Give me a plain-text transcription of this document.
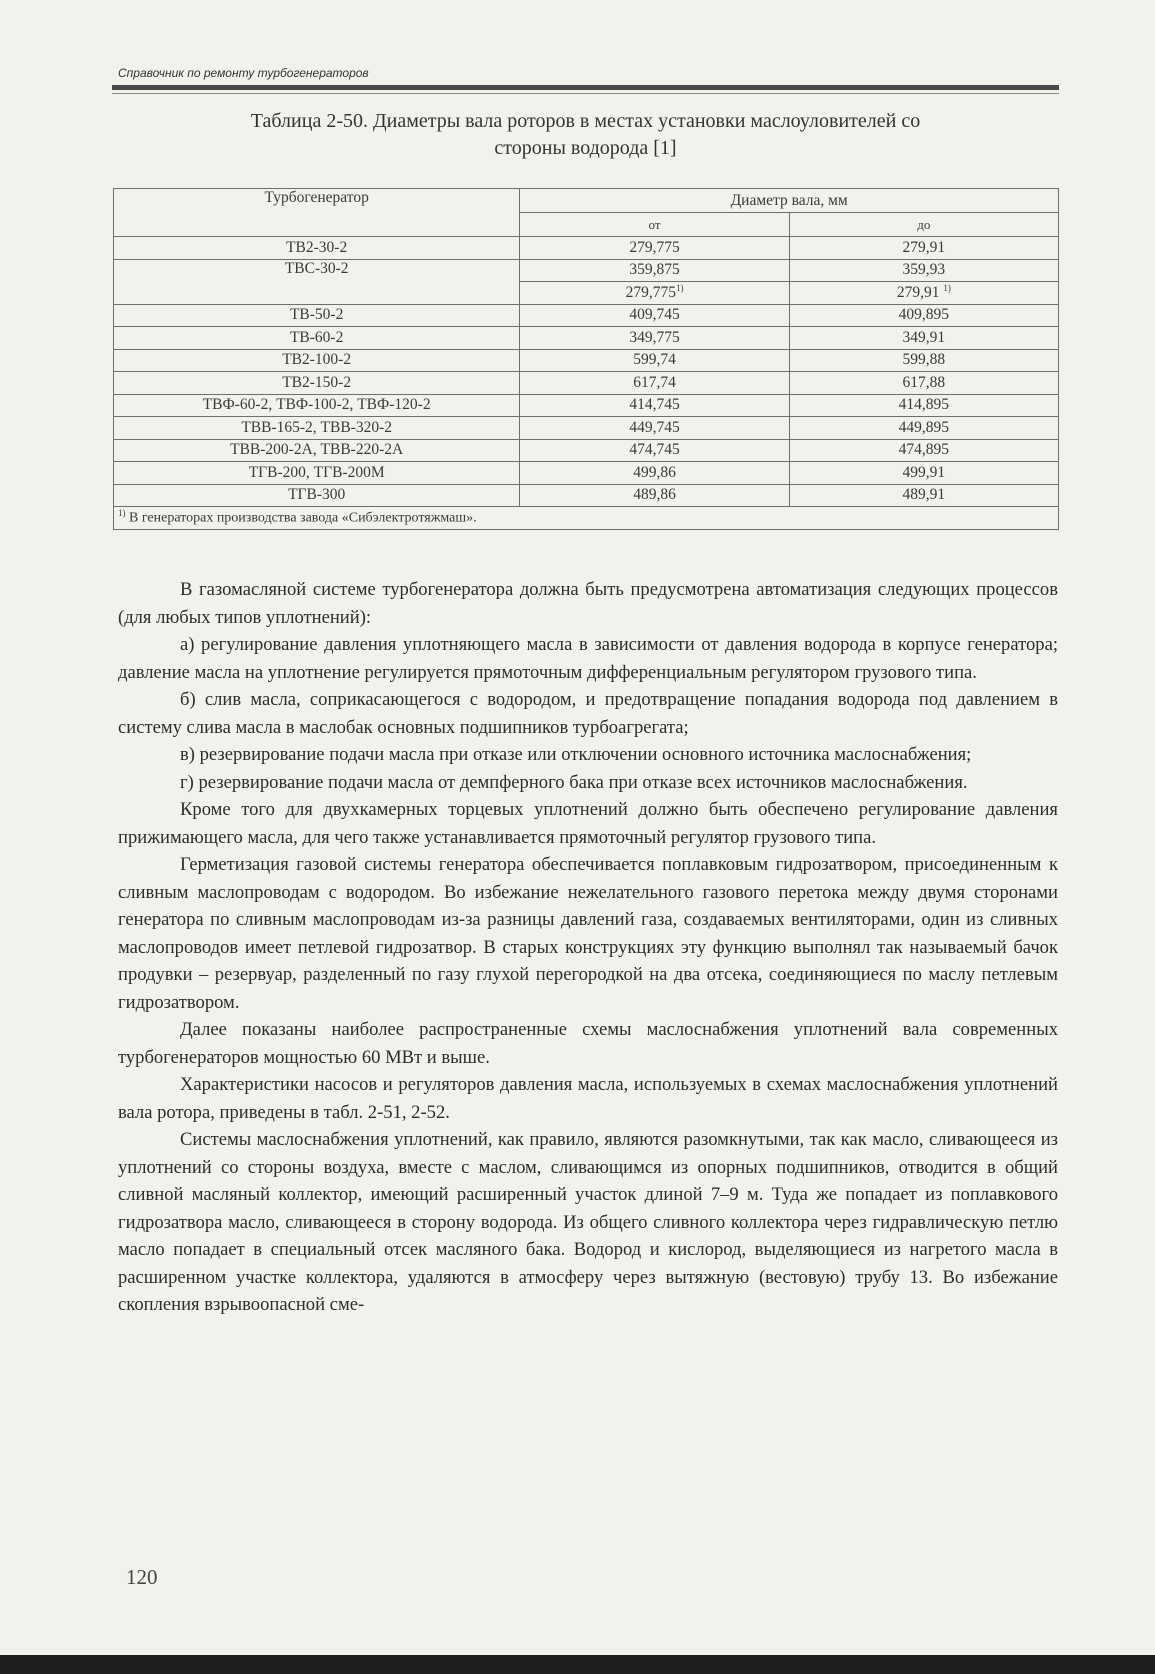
Справочник по ремонту турбогенераторов
Таблица 2-50. Диаметры вала роторов в местах установки маслоуловителей со
стороны водорода [1]
Турбогенератор	Диаметр вала, мм	
	от	до
ТВ2-30-2	279,775	279,91
ТВС-30-2	359,875	359,93
	279,775$^{1)}$	279,91 $^{1)}$
ТВ-50-2	409,745	409,895
ТВ-60-2	349,775	349,91
ТВ2-100-2	599,74	599,88
ТВ2-150-2	617,74	617,88
ТВФ-60-2, ТВФ-100-2, ТВФ-120-2	414,745	414,895
ТВВ-165-2, ТВВ-320-2	449,745	449,895
ТВВ-200-2А, ТВВ-220-2А	474,745	474,895
ТГВ-200, ТГВ-200М	499,86	499,91
ТГВ-300	489,86	489,91
$^{1)}$ В генераторах производства завода «Сибэлектротяжмаш».		

В газомасляной системе турбогенератора должна быть предусмотрена автоматизация следующих процессов (для любых типов уплотнений):

а) регулирование давления уплотняющего масла в зависимости от давления водорода в корпусе генератора; давление масла на уплотнение регулируется прямоточным дифференциальным регулятором грузового типа.

б) слив масла, соприкасающегося с водородом, и предотвращение попадания водорода под давлением в систему слива масла в маслобак основных подшипников турбоагрегата;

в) резервирование подачи масла при отказе или отключении основного источника маслоснабжения;

г) резервирование подачи масла от демпферного бака при отказе всех источников маслоснабжения.

Кроме того для двухкамерных торцевых уплотнений должно быть обеспечено регулирование давления прижимающего масла, для чего также устанавливается прямоточный регулятор грузового типа.

Герметизация газовой системы генератора обеспечивается поплавковым гидрозатвором, присоединенным к сливным маслопроводам с водородом. Во избежание нежелательного газового перетока между двумя сторонами генератора по сливным маслопроводам из-за разницы давлений газа, создаваемых вентиляторами, один из сливных маслопроводов имеет петлевой гидрозатвор. В старых конструкциях эту функцию выполнял так называемый бачок продувки – резервуар, разделенный по газу глухой перегородкой на два отсека, соединяющиеся по маслу петлевым гидрозатвором.

Далее показаны наиболее распространенные схемы маслоснабжения уплотнений вала современных турбогенераторов мощностью 60 МВт и выше.

Характеристики насосов и регуляторов давления масла, используемых в схемах маслоснабжения уплотнений вала ротора, приведены в табл. 2-51, 2-52.

Системы маслоснабжения уплотнений, как правило, являются разомкнутыми, так как масло, сливающееся из уплотнений со стороны воздуха, вместе с маслом, сливающимся из опорных подшипников, отводится в общий сливной масляный коллектор, имеющий расширенный участок длиной 7–9 м. Туда же попадает из поплавкового гидрозатвора масло, сливающееся в сторону водорода. Из общего сливного коллектора через гидравлическую петлю масло попадает в специальный отсек масляного бака. Водород и кислород, выделяющиеся из нагретого масла в расширенном участке коллектора, удаляются в атмосферу через вытяжную (вестовую) трубу 13. Во избежание скопления взрывоопасной сме-

120
